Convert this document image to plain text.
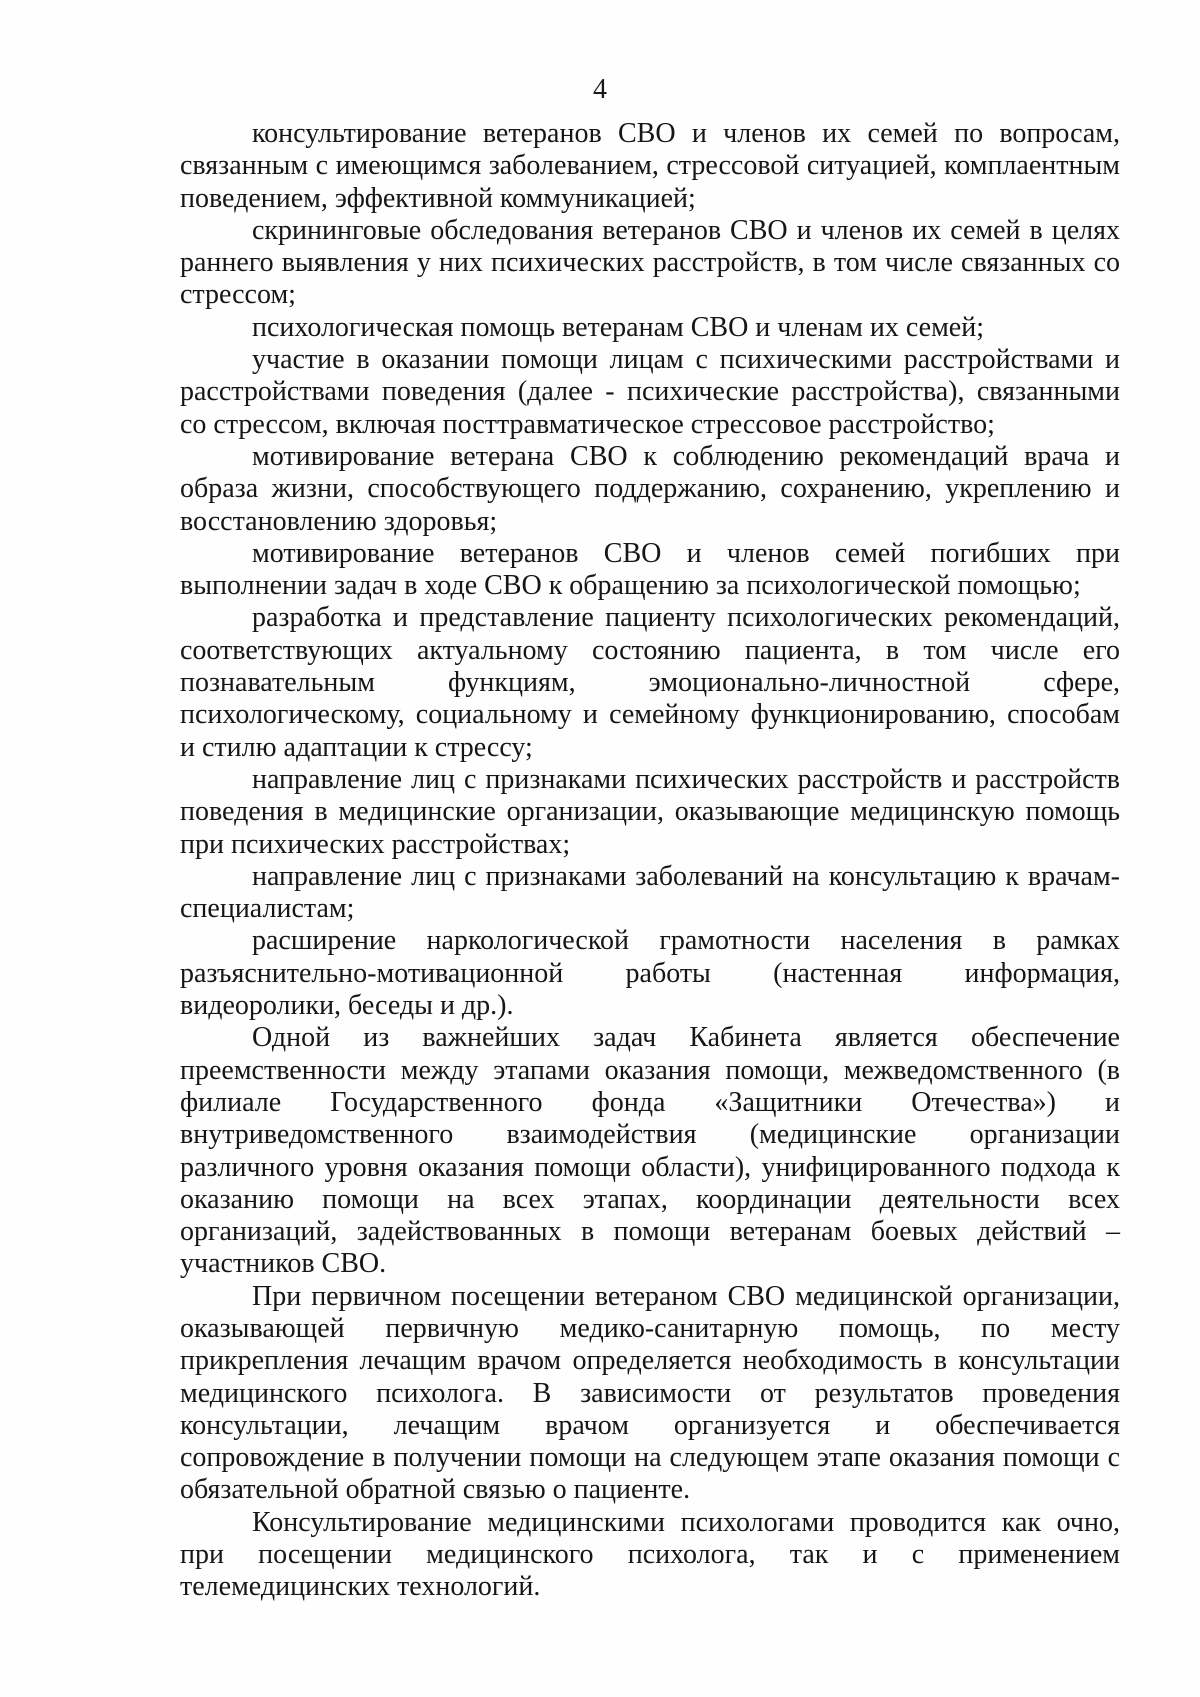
4

консультирование ветеранов СВО и членов их семей по вопросам, связанным с имеющимся заболеванием, стрессовой ситуацией, комплаентным поведением, эффективной коммуникацией;

скрининговые обследования ветеранов СВО и членов их семей в целях раннего выявления у них психических расстройств, в том числе связанных со стрессом;

психологическая помощь ветеранам СВО и членам их семей;

участие в оказании помощи лицам с психическими расстройствами и расстройствами поведения (далее - психические расстройства), связанными со стрессом, включая посттравматическое стрессовое расстройство;

мотивирование ветерана СВО к соблюдению рекомендаций врача и образа жизни, способствующего поддержанию, сохранению, укреплению и восстановлению здоровья;

мотивирование ветеранов СВО и членов семей погибших при выполнении задач в ходе СВО к обращению за психологической помощью;

разработка и представление пациенту психологических рекомендаций, соответствующих актуальному состоянию пациента, в том числе его познавательным функциям, эмоционально-личностной сфере, психологическому, социальному и семейному функционированию, способам и стилю адаптации к стрессу;

направление лиц с признаками психических расстройств и расстройств поведения в медицинские организации, оказывающие медицинскую помощь при психических расстройствах;

направление лиц с признаками заболеваний на консультацию к врачам-специалистам;

расширение наркологической грамотности населения в рамках разъяснительно-мотивационной работы (настенная информация, видеоролики, беседы и др.).

Одной из важнейших задач Кабинета является обеспечение преемственности между этапами оказания помощи, межведомственного (в филиале Государственного фонда «Защитники Отечества») и внутриведомственного взаимодействия (медицинские организации различного уровня оказания помощи области), унифицированного подхода к оказанию помощи на всех этапах, координации деятельности всех организаций, задействованных в помощи ветеранам боевых действий – участников СВО.

При первичном посещении ветераном СВО медицинской организации, оказывающей первичную медико-санитарную помощь, по месту прикрепления лечащим врачом определяется необходимость в консультации медицинского психолога. В зависимости от результатов проведения консультации, лечащим врачом организуется и обеспечивается сопровождение в получении помощи на следующем этапе оказания помощи с обязательной обратной связью о пациенте.

Консультирование медицинскими психологами проводится как очно, при посещении медицинского психолога, так и с применением телемедицинских технологий.
